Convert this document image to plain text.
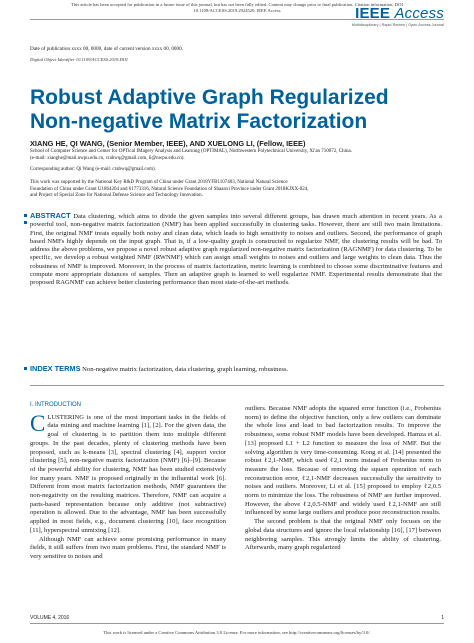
This article has been accepted for publication in a future issue of this journal, but has not been fully edited. Content may change prior to final publication. Citation information: DOI
10.1109/ACCESS.2019.2924520, IEEE Access	IEEE Access
Multidisciplinary | Rapid Review | Open Access Journal
Date of publication xxxx 00, 0000, date of current version xxxx 00, 0000.
Digital Object Identifier 10.1109/ACCESS.2019.DOI
Robust Adaptive Graph Regularized
Non-negative Matrix Factorization
XIANG HE, QI WANG, (Senior Member, IEEE), AND XUELONG LI, (Fellow, IEEE)
School of Computer Science and Center for OPTical IMagery Analysis and Learning (OPTIMAL), Northwestern Polytechnical University, Xi'an 710072, China.
(e-mail: xianghe@mail.nwpu.edu.cn, crabwq@gmail.com, li@nwpu.edu.cn).
Corresponding author: Qi Wang (e-mail: crabwq@gmail.com).
This work was supported by the National Key R&D Program of China under Grant 2018YFB1107403, National Natural Science
Foundation of China under Grant U1864204 and 61773316, Natural Science Foundation of Shaanxi Province under Grant 2018KJXX-024,
and Project of Special Zone for National Defense Science and Technology Innovation.
ABSTRACT Data clustering, which aims to divide the given samples into several different groups, has drawn much attention in recent years. As a powerful tool, non-negative matrix factorization (NMF) has been applied successfully in clustering tasks. However, there are still two main limitations. First, the original NMF treats equally both noisy and clean data, which leads to high sensitivity to noises and outliers. Second, the performance of graph based NMFs highly depends on the input graph. That is, if a low-quality graph is constructed to regularize NMF, the clustering results will be bad. To address the above problems, we propose a novel robust adaptive graph regularized non-negative matrix factorization (RAGNMF) for data clustering. To be specific, we develop a robust weighted NMF (RWNMF) which can assign small weights to noises and outliers and large weights to clean data. Thus the robustness of NMF is improved. Moreover, in the process of matrix factorization, metric learning is combined to choose some discriminative features and compute more appropriate distances of samples. Then an adaptive graph is learned to well regularize NMF. Experimental results demonstrate that the proposed RAGNMF can achieve better clustering performance than most state-of-the-art methods.
INDEX TERMS Non-negative matrix factorization, data clustering, graph learning, robustness.
I. INTRODUCTION
CLUSTERING is one of the most important tasks in the fields of data mining and machine learning [1], [2]. For the given data, the goal of clustering is to partition them into multiple different groups. In the past decades, plenty of clustering methods have been proposed, such as k-means [3], spectral clustering [4], support vector clustering [5], non-negative matrix factorization (NMF) [6]–[9]. Because of the powerful ability for clustering, NMF has been studied extensively for many years. NMF is proposed originally in the influential work [6]. Different from most matrix factorization methods, NMF guarantees the non-negativity on the resulting matrices. Therefore, NMF can acquire a parts-based representation because only additive (not subtractive) operation is allowed. Due to the advantage, NMF has been successfully applied in most fields, e.g., document clustering [10], face recognition [11], hyperspectral unmixing [12].
Although NMF can achieve some promising performance in many fields, it still suffers from two main problems. First, the standard NMF is very sensitive to noises and
outliers. Because NMF adopts the squared error function (i.e., Frobenius norm) to define the objective function, only a few outliers can dominate the whole loss and lead to bad factorization results. To improve the robustness, some robust NMF models have been developed. Hamza et al. [13] proposed L1 + L2 function to measure the loss of NMF. But the solving algorithm is very time-consuming. Kong et al. [14] presented the robust ℓ2,1-NMF, which used ℓ2,1 norm instead of Frobenius norm to measure the loss. Because of removing the square operation of each reconstruction error, ℓ2,1-NMF decreases successfully the sensitivity to noises and outliers. Moreover, Li et al. [15] proposed to employ ℓ2,0.5 norm to minimize the loss. The robustness of NMF are further improved. However, the above ℓ2,0.5-NMF and widely used ℓ2,1-NMF are still influenced by some large outliers and produce poor reconstruction results.
The second problem is that the original NMF only focuses on the global data structures and ignore the local relationship [16], [17] between neighboring samples. This strongly limits the ability of clustering. Afterwards, many graph regularized
VOLUME 4, 2016	1
This work is licensed under a Creative Commons Attribution 3.0 License. For more information, see http://creativecommons.org/licenses/by/3.0/.
